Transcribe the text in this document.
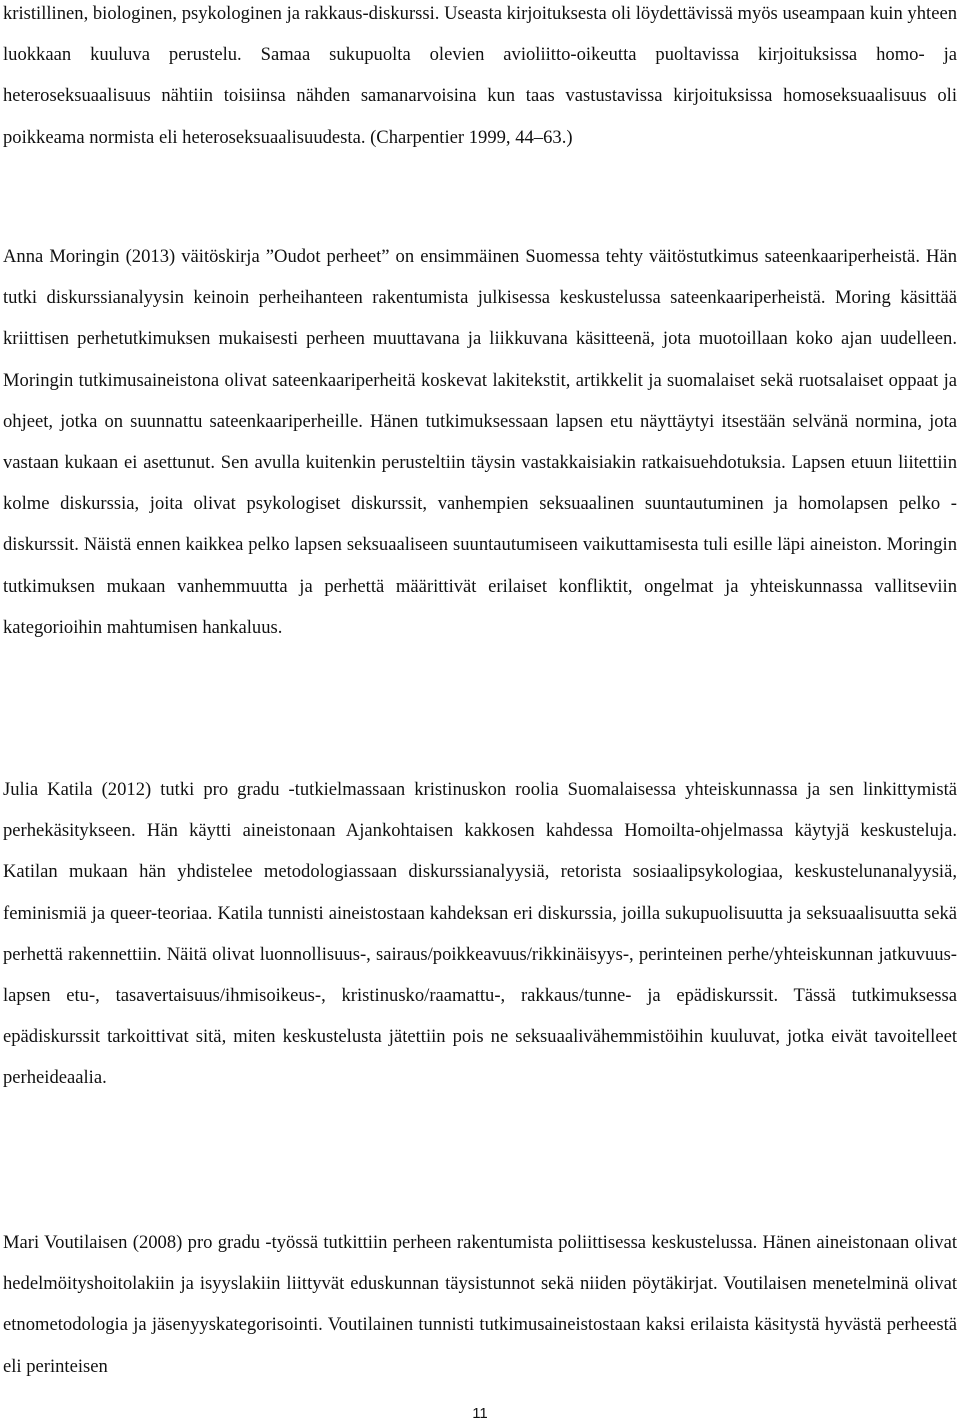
kristillinen, biologinen, psykologinen ja rakkaus-diskurssi. Useasta kirjoituksesta oli löydettävissä myös useampaan kuin yhteen luokkaan kuuluva perustelu. Samaa sukupuolta olevien avioliitto-oikeutta puoltavissa kirjoituksissa homo- ja heteroseksuaalisuus nähtiin toisiinsa nähden samanarvoisina kun taas vastustavissa kirjoituksissa homoseksuaalisuus oli poikkeama normista eli heteroseksuaalisuudesta. (Charpentier 1999, 44–63.)

Anna Moringin (2013) väitöskirja ”Oudot perheet” on ensimmäinen Suomessa tehty väitöstutkimus sateenkaariperheistä. Hän tutki diskurssianalyysin keinoin perheihanteen rakentumista julkisessa keskustelussa sateenkaariperheistä. Moring käsittää kriittisen perhetutkimuksen mukaisesti perheen muuttavana ja liikkuvana käsitteenä, jota muotoillaan koko ajan uudelleen. Moringin tutkimusaineistona olivat sateenkaariperheitä koskevat lakitekstit, artikkelit ja suomalaiset sekä ruotsalaiset oppaat ja ohjeet, jotka on suunnattu sateenkaariperheille. Hänen tutkimuksessaan lapsen etu näyttäytyi itsestään selvänä normina, jota vastaan kukaan ei asettunut. Sen avulla kuitenkin perusteltiin täysin vastakkaisiakin ratkaisuehdotuksia. Lapsen etuun liitettiin kolme diskurssia, joita olivat psykologiset diskurssit, vanhempien seksuaalinen suuntautuminen ja homolapsen pelko -diskurssit. Näistä ennen kaikkea pelko lapsen seksuaaliseen suuntautumiseen vaikuttamisesta tuli esille läpi aineiston. Moringin tutkimuksen mukaan vanhemmuutta ja perhettä määrittivät erilaiset konfliktit, ongelmat ja yhteiskunnassa vallitseviin kategorioihin mahtumisen hankaluus.

Julia Katila (2012) tutki pro gradu -tutkielmassaan kristinuskon roolia Suomalaisessa yhteiskunnassa ja sen linkittymistä perhekäsitykseen. Hän käytti aineistonaan Ajankohtaisen kakkosen kahdessa Homoilta-ohjelmassa käytyjä keskusteluja. Katilan mukaan hän yhdistelee metodologiassaan diskurssianalyysiä, retorista sosiaalipsykologiaa, keskustelunanalyysiä, feminismiä ja queer-teoriaa. Katila tunnisti aineistostaan kahdeksan eri diskurssia, joilla sukupuolisuutta ja seksuaalisuutta sekä perhettä rakennettiin. Näitä olivat luonnollisuus-, sairaus/poikkeavuus/rikkinäisyys-, perinteinen perhe/yhteiskunnan jatkuvuus- lapsen etu-, tasavertaisuus/ihmisoikeus-, kristinusko/raamattu-, rakkaus/tunne- ja epädiskurssit. Tässä tutkimuksessa epädiskurssit tarkoittivat sitä, miten keskustelusta jätettiin pois ne seksuaalivähemmistöihin kuuluvat, jotka eivät tavoitelleet perheideaalia.

Mari Voutilaisen (2008) pro gradu -työssä tutkittiin perheen rakentumista poliittisessa keskustelussa. Hänen aineistonaan olivat hedelmöityshoitolakiin ja isyyslakiin liittyvät eduskunnan täysistunnot sekä niiden pöytäkirjat. Voutilaisen menetelminä olivat etnometodologia ja jäsenyyskategorisointi. Voutilainen tunnisti tutkimusaineistostaan kaksi erilaista käsitystä hyvästä perheestä eli perinteisen

11
